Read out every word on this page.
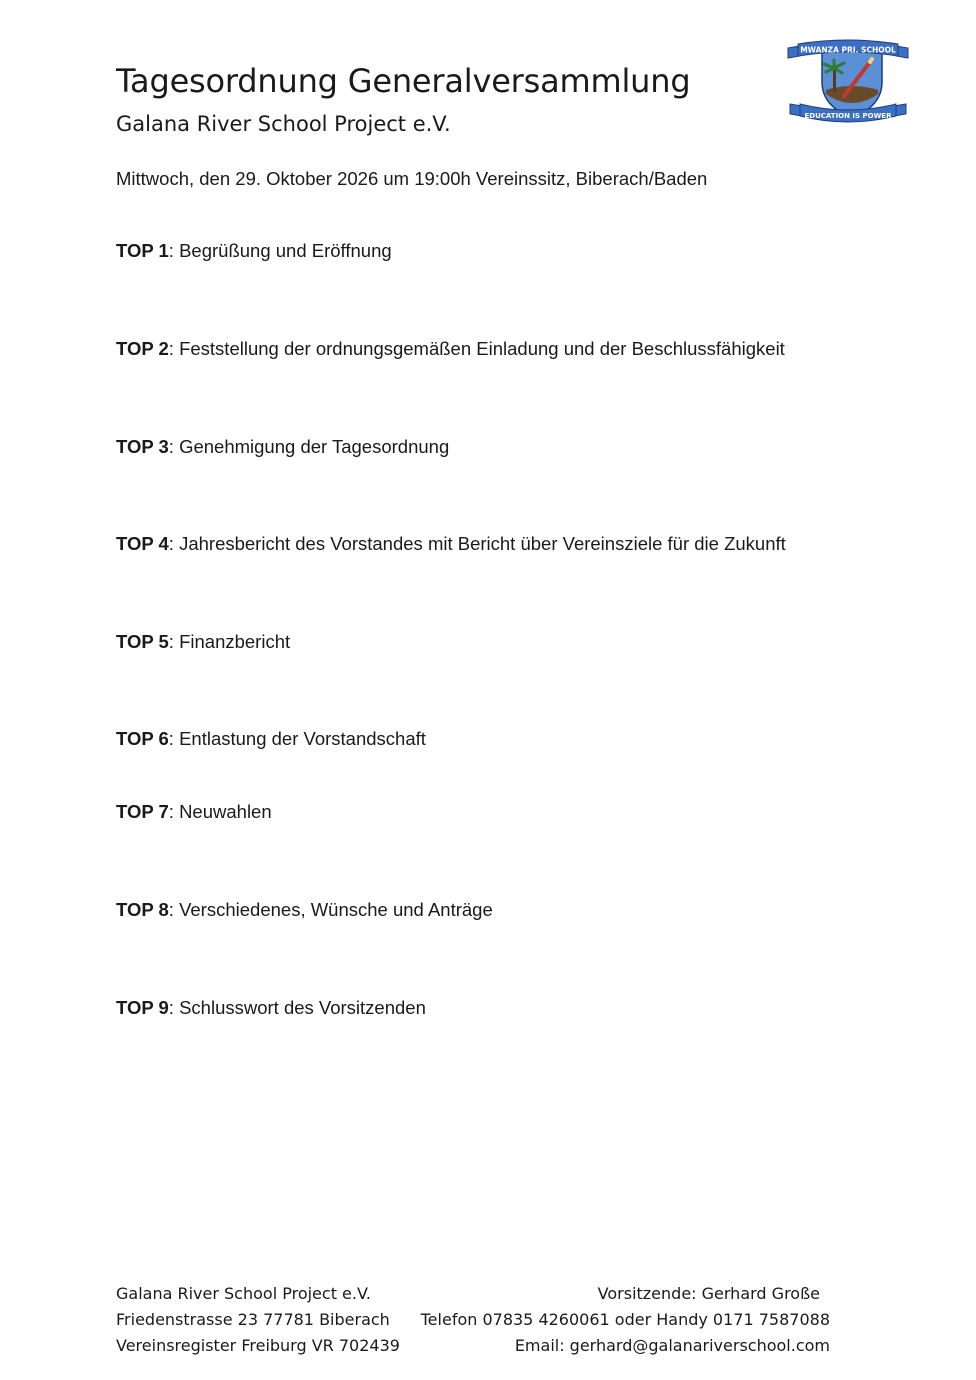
Tagesordnung Generalversammlung
Galana River School Project e.V.
Mittwoch, den 29. Oktober 2026 um 19:00h Vereinssitz, Biberach/Baden
MWANZA PRI. SCHOOL
EDUCATION IS POWER
TOP 1: Begrüßung und Eröffnung
TOP 2: Feststellung der ordnungsgemäßen Einladung und der Beschlussfähigkeit
TOP 3: Genehmigung der Tagesordnung
TOP 4: Jahresbericht des Vorstandes mit Bericht über Vereinsziele für die Zukunft
TOP 5: Finanzbericht
TOP 6: Entlastung der Vorstandschaft
TOP 7: Neuwahlen
TOP 8: Verschiedenes, Wünsche und Anträge
TOP 9: Schlusswort des Vorsitzenden
Galana River School Project e.V.
Friedenstrasse 23 77781 Biberach
Vereinsregister Freiburg VR 702439
Vorsitzende: Gerhard Große
Telefon 07835 4260061 oder Handy 0171 7587088
Email: gerhard@galanariverschool.com
